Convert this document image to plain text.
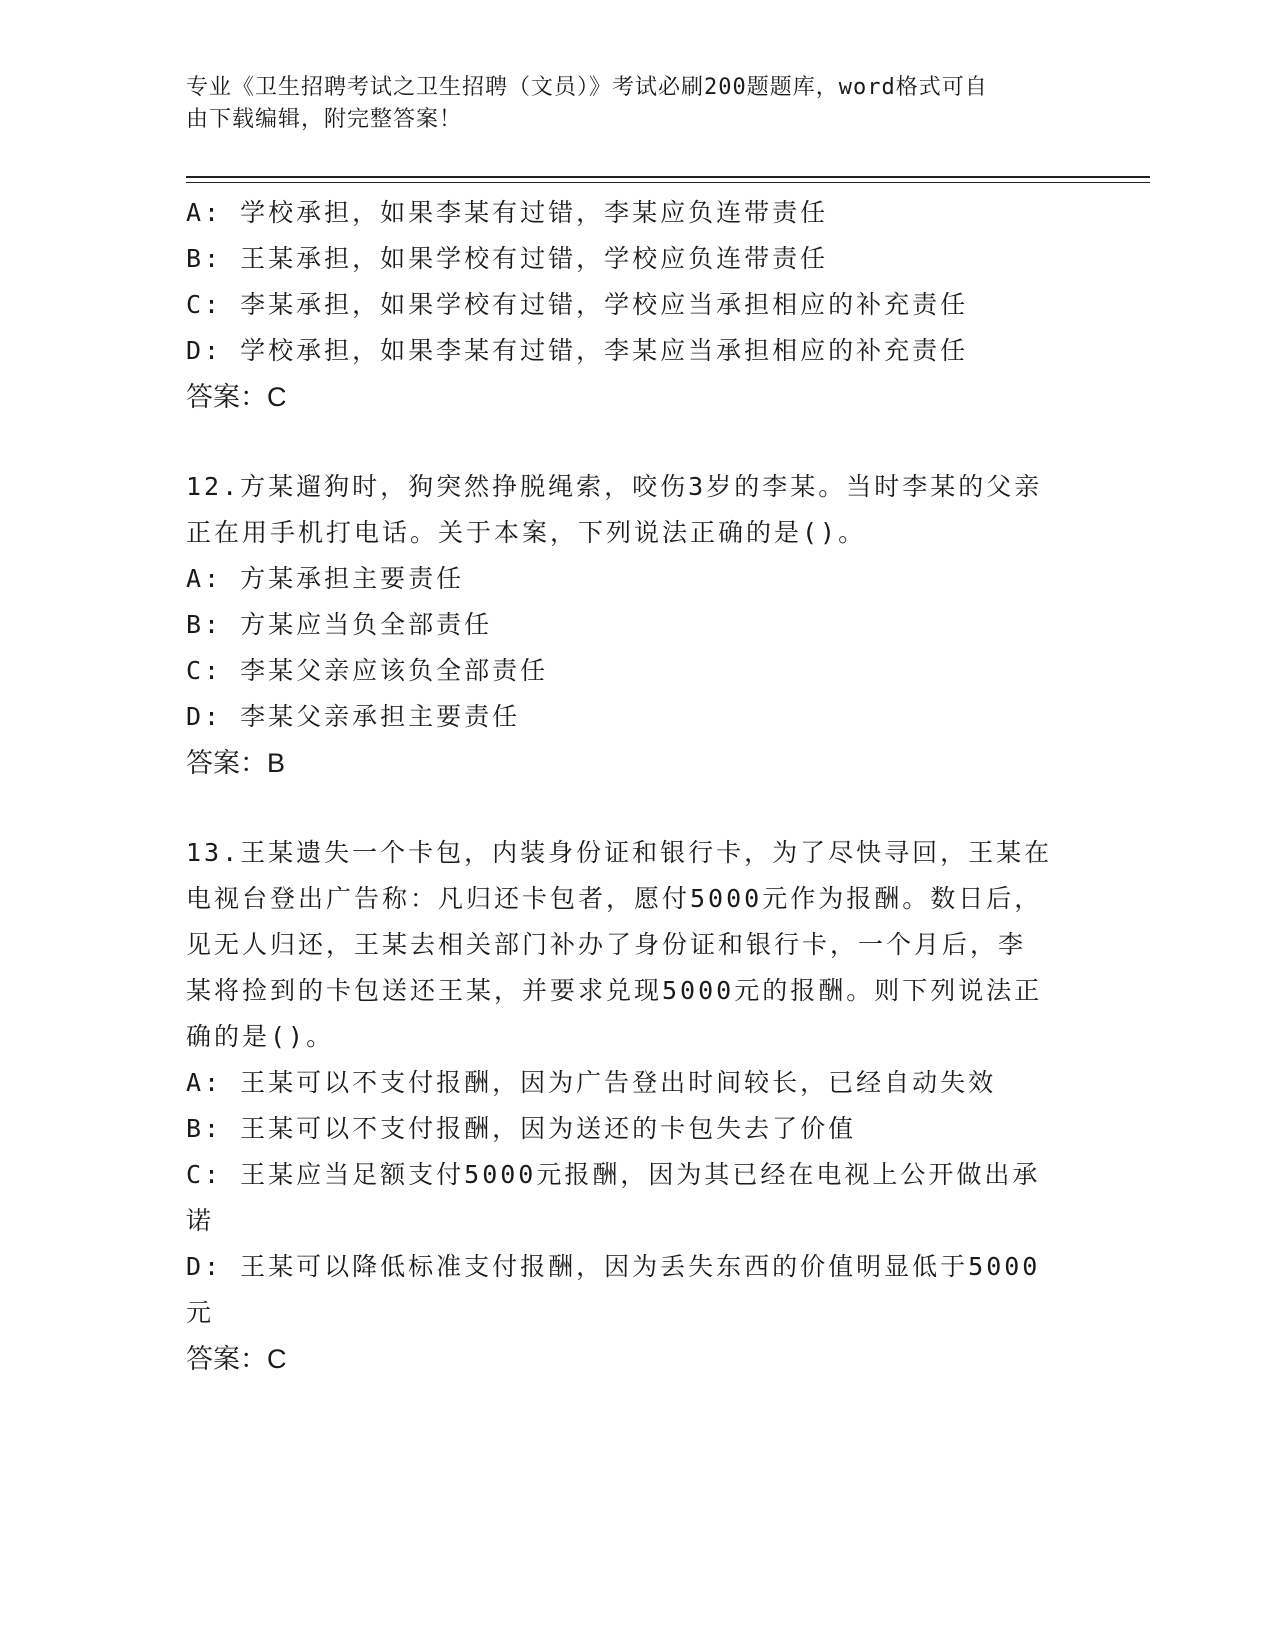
专业《卫生招聘考试之卫生招聘（文员）》考试必刷200题题库，word格式可自
由下载编辑，附完整答案！
A: 学校承担，如果李某有过错，李某应负连带责任
B: 王某承担，如果学校有过错，学校应负连带责任
C: 李某承担，如果学校有过错，学校应当承担相应的补充责任
D: 学校承担，如果李某有过错，李某应当承担相应的补充责任
答案：C
12.方某遛狗时，狗突然挣脱绳索，咬伤3岁的李某。当时李某的父亲
正在用手机打电话。关于本案，下列说法正确的是()。
A: 方某承担主要责任
B: 方某应当负全部责任
C: 李某父亲应该负全部责任
D: 李某父亲承担主要责任
答案：B
13.王某遗失一个卡包，内装身份证和银行卡，为了尽快寻回，王某在
电视台登出广告称：凡归还卡包者，愿付5000元作为报酬。数日后，
见无人归还，王某去相关部门补办了身份证和银行卡，一个月后，李
某将捡到的卡包送还王某，并要求兑现5000元的报酬。则下列说法正
确的是()。
A: 王某可以不支付报酬，因为广告登出时间较长，已经自动失效
B: 王某可以不支付报酬，因为送还的卡包失去了价值
C: 王某应当足额支付5000元报酬，因为其已经在电视上公开做出承
诺
D: 王某可以降低标准支付报酬，因为丢失东西的价值明显低于5000
元
答案：C
